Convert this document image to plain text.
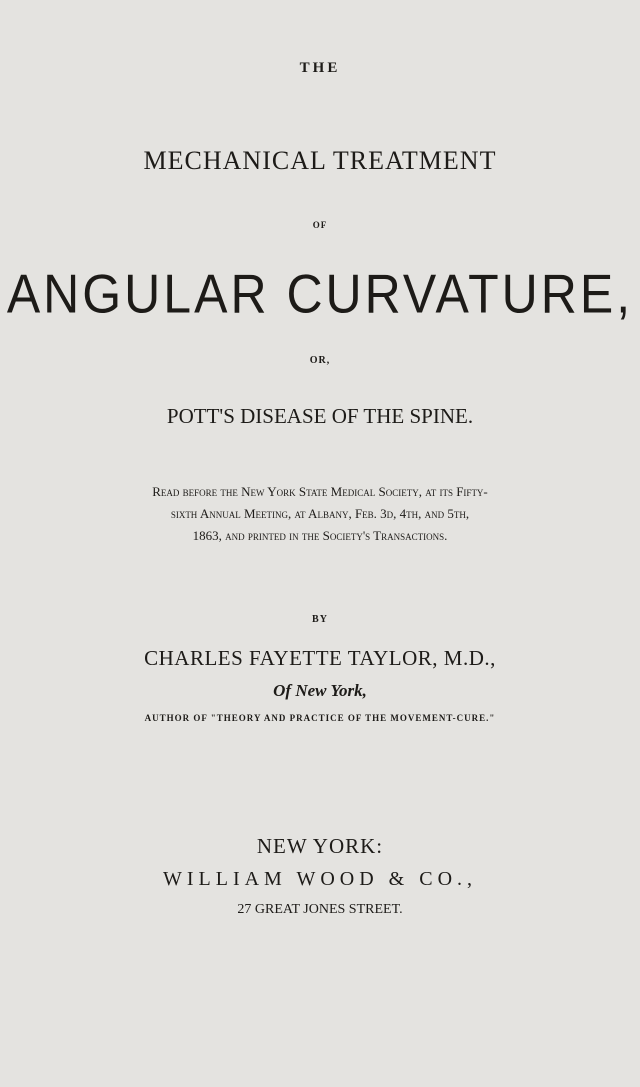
THE
MECHANICAL TREATMENT
OF
ANGULAR CURVATURE,
OR,
POTT'S DISEASE OF THE SPINE.
Read before the New York State Medical Society, at its Fifty-
sixth Annual Meeting, at Albany, Feb. 3d, 4th, and 5th,
1863, and printed in the Society's Transactions.
BY
CHARLES FAYETTE TAYLOR, M.D.,
Of New York,
AUTHOR OF "THEORY AND PRACTICE OF THE MOVEMENT-CURE."
NEW YORK:
WILLIAM WOOD & CO.,
27 GREAT JONES STREET.
